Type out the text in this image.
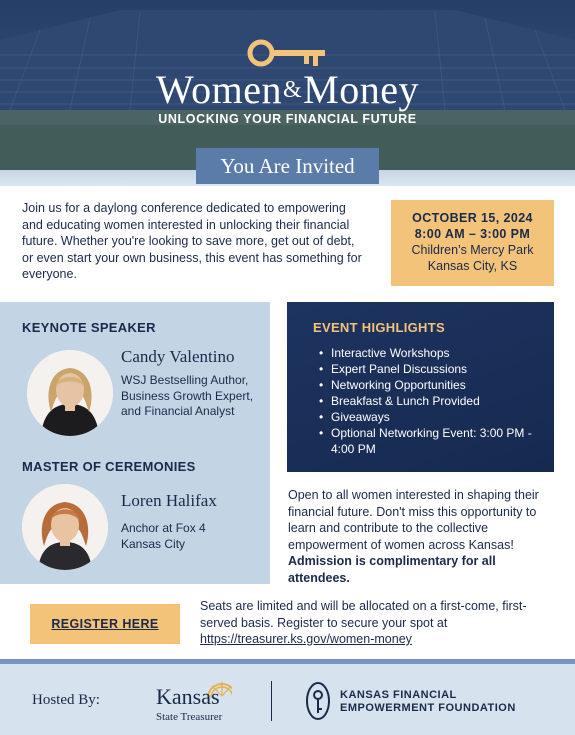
Women&Money
UNLOCKING YOUR FINANCIAL FUTURE
You Are Invited
Join us for a daylong conference dedicated to empowering and educating women interested in unlocking their financial future. Whether you're looking to save more, get out of debt, or even start your own business, this event has something for everyone.
OCTOBER 15, 2024
8:00 AM – 3:00 PM
Children’s Mercy Park
Kansas City, KS
KEYNOTE SPEAKER
Candy Valentino
WSJ Bestselling Author, Business Growth Expert, and Financial Analyst
MASTER OF CEREMONIES
Loren Halifax
Anchor at Fox 4 Kansas City
EVENT HIGHLIGHTS
• Interactive Workshops
• Expert Panel Discussions
• Networking Opportunities
• Breakfast & Lunch Provided
• Giveaways
• Optional Networking Event: 3:00 PM - 4:00 PM
Open to all women interested in shaping their financial future. Don't miss this opportunity to learn and contribute to the collective empowerment of women across Kansas! Admission is complimentary for all attendees.
REGISTER HERE
Seats are limited and will be allocated on a first-come, first-served basis. Register to secure your spot at https://treasurer.ks.gov/women-money
Hosted By:	Kansas
State Treasurer
KANSAS FINANCIAL
EMPOWERMENT FOUNDATION
